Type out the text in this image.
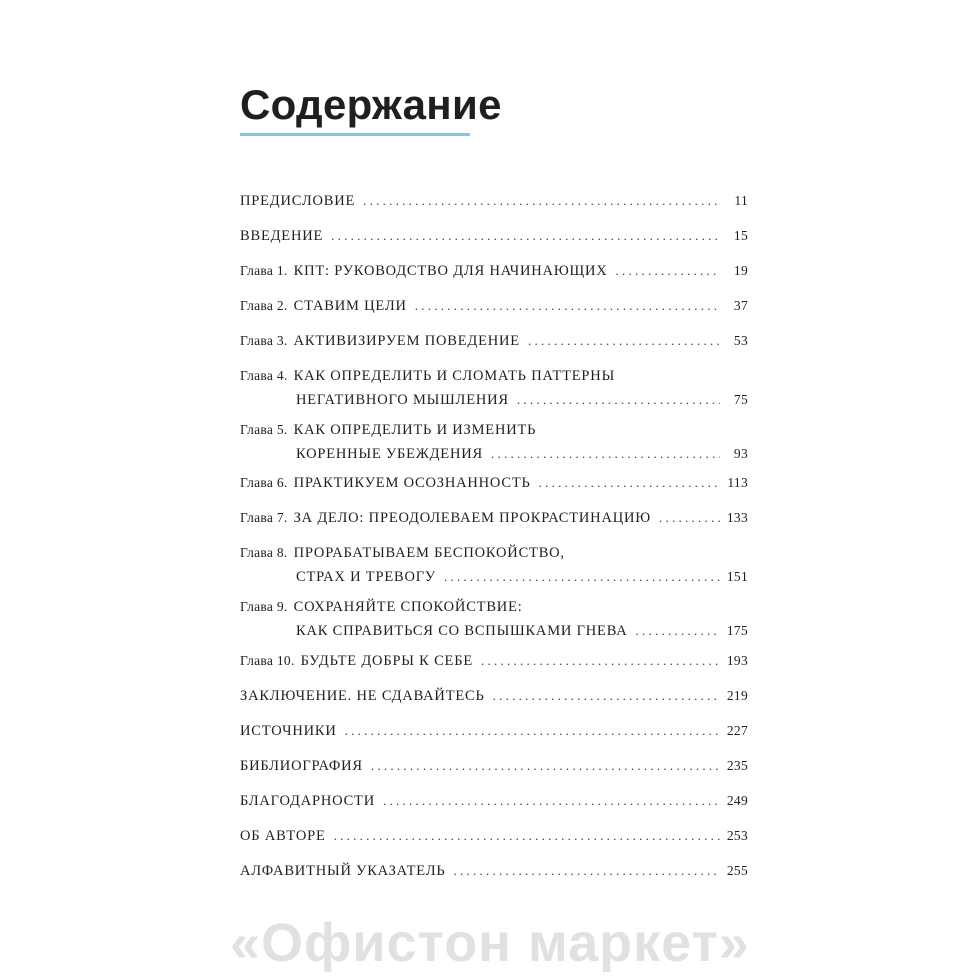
Содержание
ПРЕДИСЛОВИЕ . . .	11
ВВЕДЕНИЕ . . .	15
Глава 1. КПТ: РУКОВОДСТВО ДЛЯ НАЧИНАЮЩИХ . . .	19
Глава 2. СТАВИМ ЦЕЛИ . . .	37
Глава 3. АКТИВИЗИРУЕМ ПОВЕДЕНИЕ . . .	53
Глава 4. КАК ОПРЕДЕЛИТЬ И СЛОМАТЬ ПАТТЕРНЫ
НЕГАТИВНОГО МЫШЛЕНИЯ . . .	75
Глава 5. КАК ОПРЕДЕЛИТЬ И ИЗМЕНИТЬ
КОРЕННЫЕ УБЕЖДЕНИЯ . . .	93
Глава 6. ПРАКТИКУЕМ ОСОЗНАННОСТЬ . . .	113
Глава 7. ЗА ДЕЛО: ПРЕОДОЛЕВАЕМ ПРОКРАСТИНАЦИЮ . . .	133
Глава 8. ПРОРАБАТЫВАЕМ БЕСПОКОЙСТВО,
СТРАХ И ТРЕВОГУ . . .	151
Глава 9. СОХРАНЯЙТЕ СПОКОЙСТВИЕ:
КАК СПРАВИТЬСЯ СО ВСПЫШКАМИ ГНЕВА . . .	175
Глава 10. БУДЬТЕ ДОБРЫ К СЕБЕ . . .	193
ЗАКЛЮЧЕНИЕ. НЕ СДАВАЙТЕСЬ . . .	219
ИСТОЧНИКИ . . .	227
БИБЛИОГРАФИЯ . . .	235
БЛАГОДАРНОСТИ . . .	249
ОБ АВТОРЕ . . .	253
АЛФАВИТНЫЙ УКАЗАТЕЛЬ . . .	255
«Офистон маркет»
